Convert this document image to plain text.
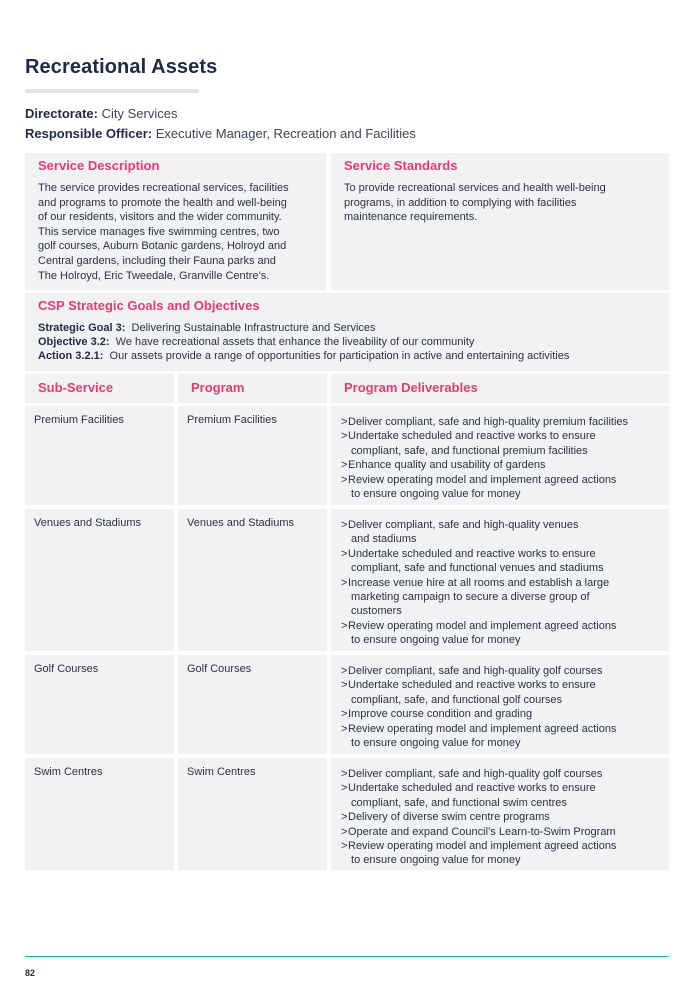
Recreational Assets
Directorate: City Services
Responsible Officer: Executive Manager, Recreation and Facilities
Service Description
The service provides recreational services, facilities
and programs to promote the health and well-being
of our residents, visitors and the wider community.
This service manages five swimming centres, two
golf courses, Auburn Botanic gardens, Holroyd and
Central gardens, including their Fauna parks and
The Holroyd, Eric Tweedale, Granville Centre’s.
Service Standards
To provide recreational services and health well-being
programs, in addition to complying with facilities
maintenance requirements.
CSP Strategic Goals and Objectives
Strategic Goal 3: Delivering Sustainable Infrastructure and Services
Objective 3.2: We have recreational assets that enhance the liveability of our community
Action 3.2.1: Our assets provide a range of opportunities for participation in active and entertaining activities
Sub-Service	Program	Program Deliverables
Premium Facilities	Premium Facilities	> Deliver compliant, safe and high-quality premium facilities
> Undertake scheduled and reactive works to ensure
compliant, safe, and functional premium facilities
> Enhance quality and usability of gardens
> Review operating model and implement agreed actions
to ensure ongoing value for money
Venues and Stadiums	Venues and Stadiums	> Deliver compliant, safe and high-quality venues
and stadiums
> Undertake scheduled and reactive works to ensure
compliant, safe and functional venues and stadiums
> Increase venue hire at all rooms and establish a large
marketing campaign to secure a diverse group of
customers
> Review operating model and implement agreed actions
to ensure ongoing value for money
Golf Courses	Golf Courses	> Deliver compliant, safe and high-quality golf courses
> Undertake scheduled and reactive works to ensure
compliant, safe, and functional golf courses
> Improve course condition and grading
> Review operating model and implement agreed actions
to ensure ongoing value for money
Swim Centres	Swim Centres	> Deliver compliant, safe and high-quality golf courses
> Undertake scheduled and reactive works to ensure
compliant, safe, and functional swim centres
> Delivery of diverse swim centre programs
> Operate and expand Council’s Learn-to-Swim Program
> Review operating model and implement agreed actions
to ensure ongoing value for money
82
